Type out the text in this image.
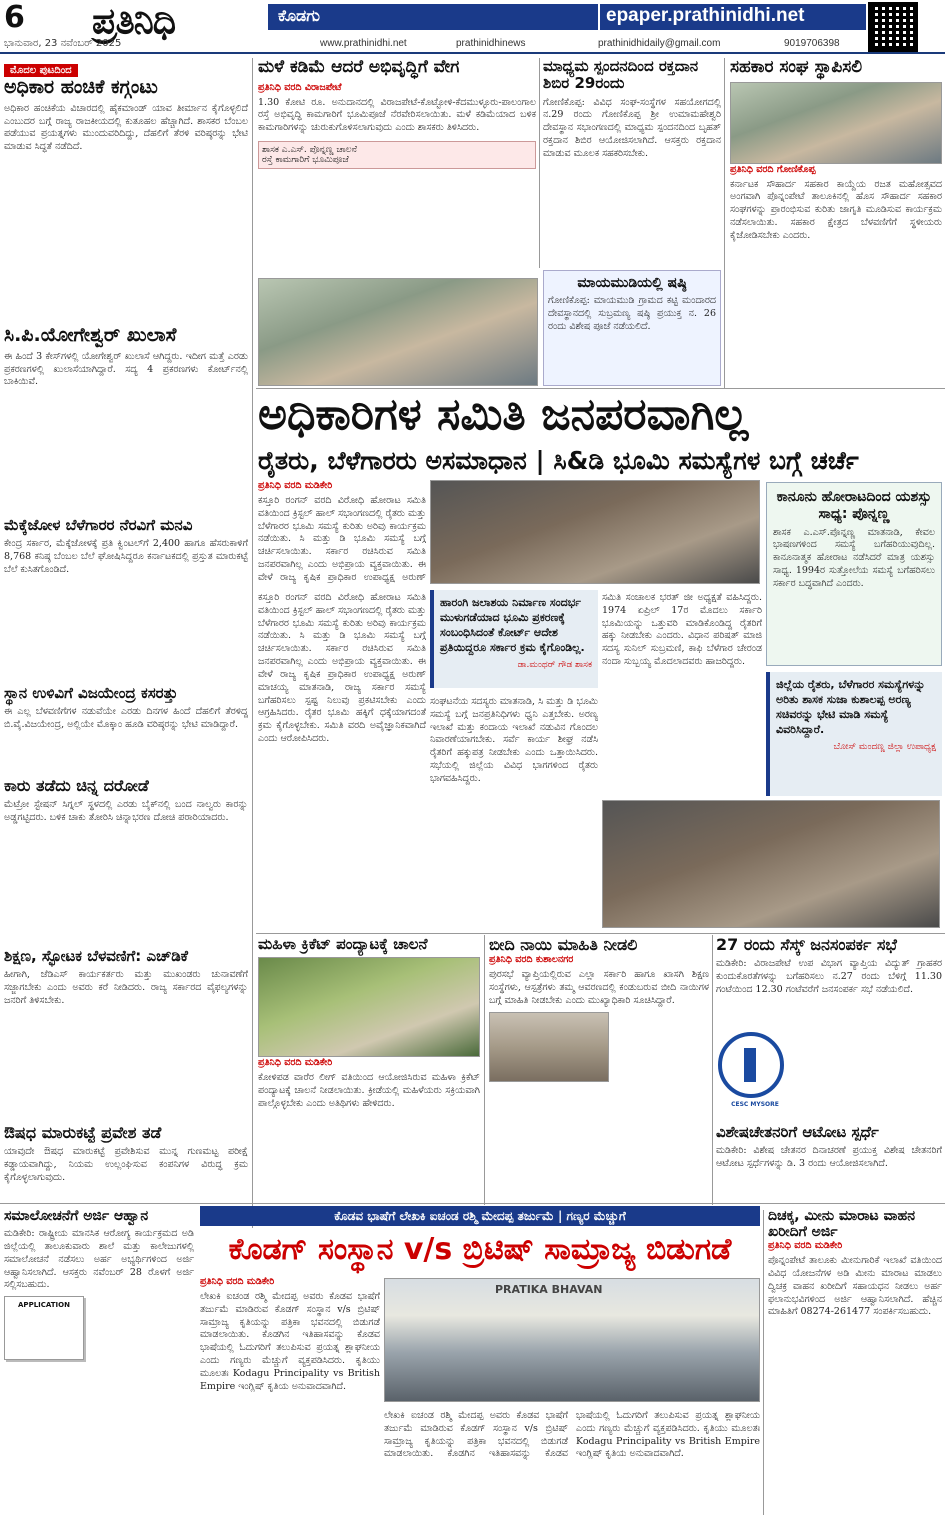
6 ಪ್ರತಿನಿಧಿ	ಕೊಡಗು	epaper.prathinidhi.net
ಭಾನುವಾರ, 23 ನವೆಂಬರ್ 2025	www.prathinidhi.net	prathinidhinews	prathinidhidaily@gmail.com	9019706398
ಮೊದಲ ಪುಟದಿಂದ
ಅಧಿಕಾರ ಹಂಚಿಕೆ ಕಗ್ಗಂಟು
ಅಧಿಕಾರ ಹಂಚಿಕೆಯ ವಿಚಾರದಲ್ಲಿ ಹೈಕಮಾಂಡ್ ಯಾವ ತೀರ್ಮಾನ ಕೈಗೊಳ್ಳಲಿದೆ ಎಂಬುದರ ಬಗ್ಗೆ ರಾಜ್ಯ ರಾಜಕೀಯದಲ್ಲಿ ಕುತೂಹಲ ಹೆಚ್ಚಾಗಿದೆ. ಶಾಸಕರ ಬೆಂಬಲ ಪಡೆಯುವ ಪ್ರಯತ್ನಗಳು ಮುಂದುವರಿದಿದ್ದು, ದೆಹಲಿಗೆ ತೆರಳಿ ವರಿಷ್ಠರನ್ನು ಭೇಟಿ ಮಾಡುವ ಸಿದ್ಧತೆ ನಡೆದಿದೆ.
ಸಿ.ಪಿ.ಯೋಗೇಶ್ವರ್ ಖುಲಾಸೆ
ಈ ಹಿಂದೆ 3 ಕೇಸ್‌ಗಳಲ್ಲಿ ಯೋಗೇಶ್ವರ್ ಖುಲಾಸೆ ಆಗಿದ್ದರು. ಇದೀಗ ಮತ್ತೆ ಎರಡು ಪ್ರಕರಣಗಳಲ್ಲಿ ಖುಲಾಸೆಯಾಗಿದ್ದಾರೆ. ಸದ್ಯ 4 ಪ್ರಕರಣಗಳು ಕೋರ್ಟ್‌ನಲ್ಲಿ ಬಾಕಿಯಿವೆ.
ಮೆಕ್ಕೆಜೋಳ ಬೆಳೆಗಾರರ ನೆರವಿಗೆ ಮನವಿ
ಕೇಂದ್ರ ಸರ್ಕಾರ, ಮೆಕ್ಕೆಜೋಳಕ್ಕೆ ಪ್ರತಿ ಕ್ವಿಂಟಲ್‌ಗೆ 2,400 ಹಾಗೂ ಹೆಸರುಕಾಳಿಗೆ 8,768 ಕನಿಷ್ಠ ಬೆಂಬಲ ಬೆಲೆ ಘೋಷಿಸಿದ್ದರೂ ಕರ್ನಾಟಕದಲ್ಲಿ ಪ್ರಸ್ತುತ ಮಾರುಕಟ್ಟೆ ಬೆಲೆ ಕುಸಿತಗೊಂಡಿದೆ.
ಸ್ಥಾನ ಉಳಿವಿಗೆ ವಿಜಯೇಂದ್ರ ಕಸರತ್ತು
ಈ ಎಲ್ಲ ಬೆಳವಣಿಗೆಗಳ ನಡುವೆಯೇ ಎರಡು ದಿನಗಳ ಹಿಂದೆ ದೆಹಲಿಗೆ ತೆರಳಿದ್ದ ಬಿ.ವೈ.ವಿಜಯೇಂದ್ರ, ಅಲ್ಲಿಯೇ ಮೊಕ್ಕಾಂ ಹೂಡಿ ವರಿಷ್ಠರನ್ನು ಭೇಟಿ ಮಾಡಿದ್ದಾರೆ.
ಕಾರು ತಡೆದು ಚಿನ್ನ ದರೋಡೆ
ಮೆಟ್ರೋ ಸ್ಟೇಷನ್ ಸಿಗ್ನಲ್ ಸ್ಥಳದಲ್ಲಿ ಎರಡು ಬೈಕ್‌ನಲ್ಲಿ ಬಂದ ನಾಲ್ವರು ಕಾರನ್ನು ಅಡ್ಡಗಟ್ಟಿದರು. ಬಳಿಕ ಚಾಕು ತೋರಿಸಿ ಚಿನ್ನಾಭರಣ ದೋಚಿ ಪರಾರಿಯಾದರು.
ಶಿಕ್ಷಣ, ಸ್ಫೋಟಕ ಬೆಳವಣಿಗೆ: ಎಚ್‌ಡಿಕೆ
ಹೀಗಾಗಿ, ಜೆಡಿಎಸ್ ಕಾರ್ಯಕರ್ತರು ಮತ್ತು ಮುಖಂಡರು ಚುನಾವಣೆಗೆ ಸಜ್ಜಾಗಬೇಕು ಎಂದು ಅವರು ಕರೆ ನೀಡಿದರು. ರಾಜ್ಯ ಸರ್ಕಾರದ ವೈಫಲ್ಯಗಳನ್ನು ಜನರಿಗೆ ತಿಳಿಸಬೇಕು.
ಔಷಧ ಮಾರುಕಟ್ಟೆ ಪ್ರವೇಶ ತಡೆ
ಯಾವುದೇ ಔಷಧ ಮಾರುಕಟ್ಟೆ ಪ್ರವೇಶಿಸುವ ಮುನ್ನ ಗುಣಮಟ್ಟ ಪರೀಕ್ಷೆ ಕಡ್ಡಾಯವಾಗಿದ್ದು, ನಿಯಮ ಉಲ್ಲಂಘಿಸುವ ಕಂಪನಿಗಳ ವಿರುದ್ಧ ಕ್ರಮ ಕೈಗೊಳ್ಳಲಾಗುವುದು.
ಮಳೆ ಕಡಿಮೆ ಆದರೆ ಅಭಿವೃದ್ಧಿಗೆ ವೇಗ
ಪ್ರತಿನಿಧಿ ವರದಿ ವಿರಾಜಪೇಟೆ
1.30 ಕೋಟಿ ರೂ. ಅನುದಾನದಲ್ಲಿ ವಿರಾಜಪೇಟೆ-ಕೊಟ್ಟೋಳಿ-ಕೆದಮುಳ್ಳೂರು-ಪಾಲಂಗಾಲ ರಸ್ತೆ ಅಭಿವೃದ್ಧಿ ಕಾಮಗಾರಿಗೆ ಭೂಮಿಪೂಜೆ ನೆರವೇರಿಸಲಾಯಿತು. ಮಳೆ ಕಡಿಮೆಯಾದ ಬಳಿಕ ಕಾಮಗಾರಿಗಳನ್ನು ಚುರುಕುಗೊಳಿಸಲಾಗುವುದು ಎಂದು ಶಾಸಕರು ತಿಳಿಸಿದರು.
ಶಾಸಕ ಎ.ಎಸ್. ಪೊನ್ನಣ್ಣ ಚಾಲನೆ
ರಸ್ತೆ ಕಾಮಗಾರಿಗೆ ಭೂಮಿಪೂಜೆ
ಮಾಧ್ಯಮ ಸ್ಪಂದನದಿಂದ ರಕ್ತದಾನ ಶಿಬಿರ 29ರಂದು
ಗೋಣಿಕೊಪ್ಪ: ವಿವಿಧ ಸಂಘ-ಸಂಸ್ಥೆಗಳ ಸಹಯೋಗದಲ್ಲಿ ನ.29 ರಂದು ಗೋಣಿಕೊಪ್ಪ ಶ್ರೀ ಉಮಾಮಹೇಶ್ವರಿ ದೇವಸ್ಥಾನ ಸಭಾಂಗಣದಲ್ಲಿ ಮಾಧ್ಯಮ ಸ್ಪಂದನದಿಂದ ಬೃಹತ್ ರಕ್ತದಾನ ಶಿಬಿರ ಆಯೋಜಿಸಲಾಗಿದೆ. ಆಸಕ್ತರು ರಕ್ತದಾನ ಮಾಡುವ ಮೂಲಕ ಸಹಕರಿಸಬೇಕು.
ಮಾಯಮುಡಿಯಲ್ಲಿ ಷಷ್ಠಿ
ಗೋಣಿಕೊಪ್ಪ: ಮಾಯಮುಡಿ ಗ್ರಾಮದ ಕಟ್ಟಿ ಮಂದಾರದ ದೇವಸ್ಥಾನದಲ್ಲಿ ಸುಬ್ರಮಣ್ಯ ಷಷ್ಠಿ ಪ್ರಯುಕ್ತ ನ. 26 ರಂದು ವಿಶೇಷ ಪೂಜೆ ನಡೆಯಲಿದೆ.
ಸಹಕಾರ ಸಂಘ ಸ್ಥಾಪಿಸಲಿ
ಪ್ರತಿನಿಧಿ ವರದಿ ಗೋಣಿಕೊಪ್ಪ
ಕರ್ನಾಟಕ ಸೌಹಾರ್ದ ಸಹಕಾರ ಕಾಯ್ದೆಯ ರಜತ ಮಹೋತ್ಸವದ ಅಂಗವಾಗಿ ಪೊನ್ನಂಪೇಟೆ ತಾಲೂಕಿನಲ್ಲಿ ಹೊಸ ಸೌಹಾರ್ದ ಸಹಕಾರ ಸಂಘಗಳನ್ನು ಪ್ರಾರಂಭಿಸುವ ಕುರಿತು ಜಾಗೃತಿ ಮೂಡಿಸುವ ಕಾರ್ಯಕ್ರಮ ನಡೆಸಲಾಯಿತು. ಸಹಕಾರ ಕ್ಷೇತ್ರದ ಬೆಳವಣಿಗೆಗೆ ಸ್ಥಳೀಯರು ಕೈಜೋಡಿಸಬೇಕು ಎಂದರು.
ಅಧಿಕಾರಿಗಳ ಸಮಿತಿ ಜನಪರವಾಗಿಲ್ಲ
ರೈತರು, ಬೆಳೆಗಾರರು ಅಸಮಾಧಾನ | ಸಿ&ಡಿ ಭೂಮಿ ಸಮಸ್ಯೆಗಳ ಬಗ್ಗೆ ಚರ್ಚೆ
ಪ್ರತಿನಿಧಿ ವರದಿ ಮಡಿಕೇರಿ
ಕಸ್ತೂರಿ ರಂಗನ್ ವರದಿ ವಿರೋಧಿ ಹೋರಾಟ ಸಮಿತಿ ವತಿಯಿಂದ ಕ್ರಿಸ್ಟಲ್ ಹಾಲ್ ಸಭಾಂಗಣದಲ್ಲಿ ರೈತರು ಮತ್ತು ಬೆಳೆಗಾರರ ಭೂಮಿ ಸಮಸ್ಯೆ ಕುರಿತು ಅರಿವು ಕಾರ್ಯಕ್ರಮ ನಡೆಯಿತು. ಸಿ ಮತ್ತು ಡಿ ಭೂಮಿ ಸಮಸ್ಯೆ ಬಗ್ಗೆ ಚರ್ಚಿಸಲಾಯಿತು. ಸರ್ಕಾರ ರಚಿಸಿರುವ ಸಮಿತಿ ಜನಪರವಾಗಿಲ್ಲ ಎಂದು ಅಭಿಪ್ರಾಯ ವ್ಯಕ್ತವಾಯಿತು. ಈ ವೇಳೆ ರಾಜ್ಯ ಕೃಷಿಕ ಪ್ರಾಧಿಕಾರ ಉಪಾಧ್ಯಕ್ಷ ಅರುಣ್
ಕಸ್ತೂರಿ ರಂಗನ್ ವರದಿ ವಿರೋಧಿ ಹೋರಾಟ ಸಮಿತಿ ವತಿಯಿಂದ ಕ್ರಿಸ್ಟಲ್ ಹಾಲ್ ಸಭಾಂಗಣದಲ್ಲಿ ರೈತರು ಮತ್ತು ಬೆಳೆಗಾರರ ಭೂಮಿ ಸಮಸ್ಯೆ ಕುರಿತು ಅರಿವು ಕಾರ್ಯಕ್ರಮ ನಡೆಯಿತು. ಸಿ ಮತ್ತು ಡಿ ಭೂಮಿ ಸಮಸ್ಯೆ ಬಗ್ಗೆ ಚರ್ಚಿಸಲಾಯಿತು. ಸರ್ಕಾರ ರಚಿಸಿರುವ ಸಮಿತಿ ಜನಪರವಾಗಿಲ್ಲ ಎಂದು ಅಭಿಪ್ರಾಯ ವ್ಯಕ್ತವಾಯಿತು. ಈ ವೇಳೆ ರಾಜ್ಯ ಕೃಷಿಕ ಪ್ರಾಧಿಕಾರ ಉಪಾಧ್ಯಕ್ಷ ಅರುಣ್ ಮಾಚಯ್ಯ ಮಾತನಾಡಿ, ರಾಜ್ಯ ಸರ್ಕಾರ ಸಮಸ್ಯೆ ಬಗೆಹರಿಸಲು ಸ್ಪಷ್ಟ ನಿಲುವು ಪ್ರಕಟಿಸಬೇಕು ಎಂದು ಆಗ್ರಹಿಸಿದರು. ರೈತರ ಭೂಮಿ ಹಕ್ಕಿಗೆ ಧಕ್ಕೆಯಾಗದಂತೆ ಕ್ರಮ ಕೈಗೊಳ್ಳಬೇಕು. ಸಮಿತಿ ವರದಿ ಅವೈಜ್ಞಾನಿಕವಾಗಿದೆ ಎಂದು ಆರೋಪಿಸಿದರು.
ಹಾರಂಗಿ ಜಲಾಶಯ ನಿರ್ಮಾಣ ಸಂದರ್ಭ ಮುಳುಗಡೆಯಾದ ಭೂಮಿ ಪ್ರಕರಣಕ್ಕೆ ಸಂಬಂಧಿಸಿದಂತೆ ಕೋರ್ಟ್ ಆದೇಶ ಪ್ರತಿಯಿದ್ದರೂ ಸರ್ಕಾರ ಕ್ರಮ ಕೈಗೊಂಡಿಲ್ಲ.
ಡಾ.ಮಂಥರ್ ಗೌಡ ಶಾಸಕ
ಸಂಘಟನೆಯ ಸದಸ್ಯರು ಮಾತನಾಡಿ, ಸಿ ಮತ್ತು ಡಿ ಭೂಮಿ ಸಮಸ್ಯೆ ಬಗ್ಗೆ ಜನಪ್ರತಿನಿಧಿಗಳು ಧ್ವನಿ ಎತ್ತಬೇಕು. ಅರಣ್ಯ ಇಲಾಖೆ ಮತ್ತು ಕಂದಾಯ ಇಲಾಖೆ ನಡುವಿನ ಗೊಂದಲ ನಿವಾರಣೆಯಾಗಬೇಕು. ಸರ್ವೆ ಕಾರ್ಯ ಶೀಘ್ರ ನಡೆಸಿ ರೈತರಿಗೆ ಹಕ್ಕುಪತ್ರ ನೀಡಬೇಕು ಎಂದು ಒತ್ತಾಯಿಸಿದರು. ಸಭೆಯಲ್ಲಿ ಜಿಲ್ಲೆಯ ವಿವಿಧ ಭಾಗಗಳಿಂದ ರೈತರು ಭಾಗವಹಿಸಿದ್ದರು.
ಸಮಿತಿ ಸಂಚಾಲಕ ಭರತ್ ಜೀ ಅಧ್ಯಕ್ಷತೆ ವಹಿಸಿದ್ದರು. 1974 ಏಪ್ರಿಲ್ 17ರ ಮೊದಲು ಸರ್ಕಾರಿ ಭೂಮಿಯನ್ನು ಒತ್ತುವರಿ ಮಾಡಿಕೊಂಡಿದ್ದ ರೈತರಿಗೆ ಹಕ್ಕು ನೀಡಬೇಕು ಎಂದರು. ವಿಧಾನ ಪರಿಷತ್ ಮಾಜಿ ಸದಸ್ಯ ಸುನಿಲ್ ಸುಬ್ರಮಣಿ, ಕಾಫಿ ಬೆಳೆಗಾರ ಚೇರಂಡ ನಂದಾ ಸುಬ್ಬಯ್ಯ ಮೊದಲಾದವರು ಹಾಜರಿದ್ದರು.
ಕಾನೂನು ಹೋರಾಟದಿಂದ ಯಶಸ್ಸು ಸಾಧ್ಯ: ಪೊನ್ನಣ್ಣ
ಶಾಸಕ ಎ.ಎಸ್.ಪೊನ್ನಣ್ಣ ಮಾತನಾಡಿ, ಕೇವಲ ಭಾಷಣಗಳಿಂದ ಸಮಸ್ಯೆ ಬಗೆಹರಿಯುವುದಿಲ್ಲ. ಕಾನೂನಾತ್ಮಕ ಹೋರಾಟ ನಡೆಸಿದರೆ ಮಾತ್ರ ಯಶಸ್ಸು ಸಾಧ್ಯ. 1994ರ ಸುತ್ತೋಲೆಯ ಸಮಸ್ಯೆ ಬಗೆಹರಿಸಲು ಸರ್ಕಾರ ಬದ್ಧವಾಗಿದೆ ಎಂದರು.
ಜಿಲ್ಲೆಯ ರೈತರು, ಬೆಳೆಗಾರರ ಸಮಸ್ಯೆಗಳನ್ನು ಅರಿತು ಶಾಸಕ ಸುಜಾ ಕುಶಾಲಪ್ಪ ಅರಣ್ಯ ಸಚಿವರನ್ನು ಭೇಟಿ ಮಾಡಿ ಸಮಸ್ಯೆ ವಿವರಿಸಿದ್ದಾರೆ.
ಬೋಸ್ ಮಂದಣ್ಣ ಜಿಲ್ಲಾ ಉಪಾಧ್ಯಕ್ಷ
ಮಹಿಳಾ ಕ್ರಿಕೆಟ್ ಪಂದ್ಯಾಟಕ್ಕೆ ಚಾಲನೆ
ಪ್ರತಿನಿಧಿ ವರದಿ ಮಡಿಕೇರಿ
ಕೋಳಿಪಡ ವಾರೆರ ಲೀಗ್ ವತಿಯಿಂದ ಆಯೋಜಿಸಿರುವ ಮಹಿಳಾ ಕ್ರಿಕೆಟ್ ಪಂದ್ಯಾಟಕ್ಕೆ ಚಾಲನೆ ನೀಡಲಾಯಿತು. ಕ್ರೀಡೆಯಲ್ಲಿ ಮಹಿಳೆಯರು ಸಕ್ರಿಯವಾಗಿ ಪಾಲ್ಗೊಳ್ಳಬೇಕು ಎಂದು ಅತಿಥಿಗಳು ಹೇಳಿದರು.
ಬೀದಿ ನಾಯಿ ಮಾಹಿತಿ ನೀಡಲಿ
ಪ್ರತಿನಿಧಿ ವರದಿ ಕುಶಾಲನಗರ
ಪುರಸಭೆ ವ್ಯಾಪ್ತಿಯಲ್ಲಿರುವ ಎಲ್ಲಾ ಸರ್ಕಾರಿ ಹಾಗೂ ಖಾಸಗಿ ಶಿಕ್ಷಣ ಸಂಸ್ಥೆಗಳು, ಆಸ್ಪತ್ರೆಗಳು ತಮ್ಮ ಆವರಣದಲ್ಲಿ ಕಂಡುಬರುವ ಬೀದಿ ನಾಯಿಗಳ ಬಗ್ಗೆ ಮಾಹಿತಿ ನೀಡಬೇಕು ಎಂದು ಮುಖ್ಯಾಧಿಕಾರಿ ಸೂಚಿಸಿದ್ದಾರೆ.
27 ರಂದು ಸೆಸ್ಕ್ ಜನಸಂಪರ್ಕ ಸಭೆ
ಮಡಿಕೇರಿ: ವಿರಾಜಪೇಟೆ ಉಪ ವಿಭಾಗ ವ್ಯಾಪ್ತಿಯ ವಿದ್ಯುತ್ ಗ್ರಾಹಕರ ಕುಂದುಕೊರತೆಗಳನ್ನು ಬಗೆಹರಿಸಲು ನ.27 ರಂದು ಬೆಳಿಗ್ಗೆ 11.30 ಗಂಟೆಯಿಂದ 12.30 ಗಂಟೆವರೆಗೆ ಜನಸಂಪರ್ಕ ಸಭೆ ನಡೆಯಲಿದೆ.
CESC MYSORE
ವಿಶೇಷಚೇತನರಿಗೆ ಆಟೋಟ ಸ್ಪರ್ಧೆ
ಮಡಿಕೇರಿ: ವಿಶೇಷ ಚೇತನರ ದಿನಾಚರಣೆ ಪ್ರಯುಕ್ತ ವಿಶೇಷ ಚೇತನರಿಗೆ ಆಟೋಟ ಸ್ಪರ್ಧೆಗಳನ್ನು ಡಿ. 3 ರಂದು ಆಯೋಜಿಸಲಾಗಿದೆ.
ಸಮಾಲೋಚನೆಗೆ ಅರ್ಜಿ ಆಹ್ವಾನ
ಮಡಿಕೇರಿ: ರಾಷ್ಟ್ರೀಯ ಮಾನಸಿಕ ಆರೋಗ್ಯ ಕಾರ್ಯಕ್ರಮದ ಅಡಿ ಜಿಲ್ಲೆಯಲ್ಲಿ ತಾಲೂಕುವಾರು ಶಾಲೆ ಮತ್ತು ಕಾಲೇಜುಗಳಲ್ಲಿ ಸಮಾಲೋಚನೆ ನಡೆಸಲು ಅರ್ಹ ಅಭ್ಯರ್ಥಿಗಳಿಂದ ಅರ್ಜಿ ಆಹ್ವಾನಿಸಲಾಗಿದೆ. ಆಸಕ್ತರು ನವೆಂಬರ್ 28 ರೊಳಗೆ ಅರ್ಜಿ ಸಲ್ಲಿಸಬಹುದು.
APPLICATION
ಕೊಡವ ಭಾಷೆಗೆ ಲೇಖಕಿ ಐಚಂಡ ರಶ್ಮಿ ಮೇದಪ್ಪ ತರ್ಜುಮೆ | ಗಣ್ಯರ ಮೆಚ್ಚುಗೆ
ಕೊಡಗ್ ಸಂಸ್ಥಾನ v/s ಬ್ರಿಟಿಷ್ ಸಾಮ್ರಾಜ್ಯ ಬಿಡುಗಡೆ
ಪ್ರತಿನಿಧಿ ವರದಿ ಮಡಿಕೇರಿ
ಲೇಖಕಿ ಐಚಂಡ ರಶ್ಮಿ ಮೇದಪ್ಪ ಅವರು ಕೊಡವ ಭಾಷೆಗೆ ತರ್ಜುಮೆ ಮಾಡಿರುವ ಕೊಡಗ್ ಸಂಸ್ಥಾನ v/s ಬ್ರಿಟಿಷ್ ಸಾಮ್ರಾಜ್ಯ ಕೃತಿಯನ್ನು ಪತ್ರಿಕಾ ಭವನದಲ್ಲಿ ಬಿಡುಗಡೆ ಮಾಡಲಾಯಿತು. ಕೊಡಗಿನ ಇತಿಹಾಸವನ್ನು ಕೊಡವ ಭಾಷೆಯಲ್ಲಿ ಓದುಗರಿಗೆ ತಲುಪಿಸುವ ಪ್ರಯತ್ನ ಶ್ಲಾಘನೀಯ ಎಂದು ಗಣ್ಯರು ಮೆಚ್ಚುಗೆ ವ್ಯಕ್ತಪಡಿಸಿದರು. ಕೃತಿಯು ಮೂಲತಃ Kodagu Principality vs British Empire ಇಂಗ್ಲಿಷ್ ಕೃತಿಯ ಅನುವಾದವಾಗಿದೆ.
PRATIKA BHAVAN
ಲೇಖಕಿ ಐಚಂಡ ರಶ್ಮಿ ಮೇದಪ್ಪ ಅವರು ಕೊಡವ ಭಾಷೆಗೆ ತರ್ಜುಮೆ ಮಾಡಿರುವ ಕೊಡಗ್ ಸಂಸ್ಥಾನ v/s ಬ್ರಿಟಿಷ್ ಸಾಮ್ರಾಜ್ಯ ಕೃತಿಯನ್ನು ಪತ್ರಿಕಾ ಭವನದಲ್ಲಿ ಬಿಡುಗಡೆ ಮಾಡಲಾಯಿತು. ಕೊಡಗಿನ ಇತಿಹಾಸವನ್ನು ಕೊಡವ ಭಾಷೆಯಲ್ಲಿ ಓದುಗರಿಗೆ ತಲುಪಿಸುವ ಪ್ರಯತ್ನ ಶ್ಲಾಘನೀಯ ಎಂದು ಗಣ್ಯರು ಮೆಚ್ಚುಗೆ ವ್ಯಕ್ತಪಡಿಸಿದರು. ಕೃತಿಯು ಮೂಲತಃ Kodagu Principality vs British Empire ಇಂಗ್ಲಿಷ್ ಕೃತಿಯ ಅನುವಾದವಾಗಿದೆ.
ದಿಚಕ್ಕ, ಮೀನು ಮಾರಾಟ ವಾಹನ ಖರೀದಿಗೆ ಅರ್ಜಿ
ಪ್ರತಿನಿಧಿ ವರದಿ ಮಡಿಕೇರಿ
ಪೊನ್ನಂಪೇಟೆ ತಾಲೂಕು ಮೀನುಗಾರಿಕೆ ಇಲಾಖೆ ವತಿಯಿಂದ ವಿವಿಧ ಯೋಜನೆಗಳ ಅಡಿ ಮೀನು ಮಾರಾಟ ಮಾಡಲು ದ್ವಿಚಕ್ರ ವಾಹನ ಖರೀದಿಗೆ ಸಹಾಯಧನ ನೀಡಲು ಅರ್ಹ ಫಲಾನುಭವಿಗಳಿಂದ ಅರ್ಜಿ ಆಹ್ವಾನಿಸಲಾಗಿದೆ. ಹೆಚ್ಚಿನ ಮಾಹಿತಿಗೆ 08274-261477 ಸಂಪರ್ಕಿಸಬಹುದು.
